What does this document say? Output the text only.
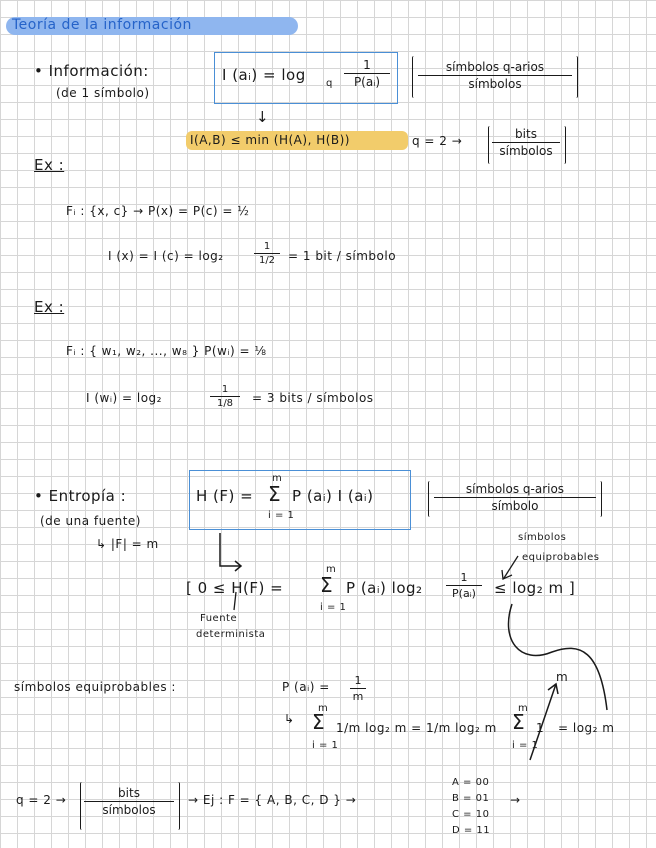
Teoría de la información
• Información:
(de 1 símbolo)
I (aᵢ) = log q
1
P(aᵢ)
símbolos q-arios
símbolos
↓
I(A,B) ≤ min (H(A), H(B))	q = 2 →	bits
símbolos
Ex :
Fᵢ : {x, c} → P(x) = P(c) = ½
I (x) = I (c) = log₂
1
1/2	= 1 bit / símbolo
Ex :
Fᵢ : { w₁, w₂, ..., w₈ } P(wᵢ) = ⅛
I (wᵢ) = log₂
1
1/8	= 3 bits / símbolos
• Entropía :
(de una fuente)
↳ |F| = m
H (F) =
m
Σ
i = 1
P (aᵢ) I (aᵢ)	símbolos q-arios
símbolo
[ 0 ≤ H(F) =
m
Σ
i = 1
P (aᵢ) log₂
1
P(aᵢ)	≤ log₂ m ]
Fuente
determinista
símbolos
equiprobables
m
símbolos equiprobables :	P (aᵢ) =	1
m
↳
m
Σ
i = 1
1/m log₂ m = 1/m log₂ m
m
Σ
i = 1
1 = log₂ m
q = 2 →	bits
símbolos
→ Ej : F = { A, B, C, D } →
A = 00
B = 01
C = 10
D = 11
→
